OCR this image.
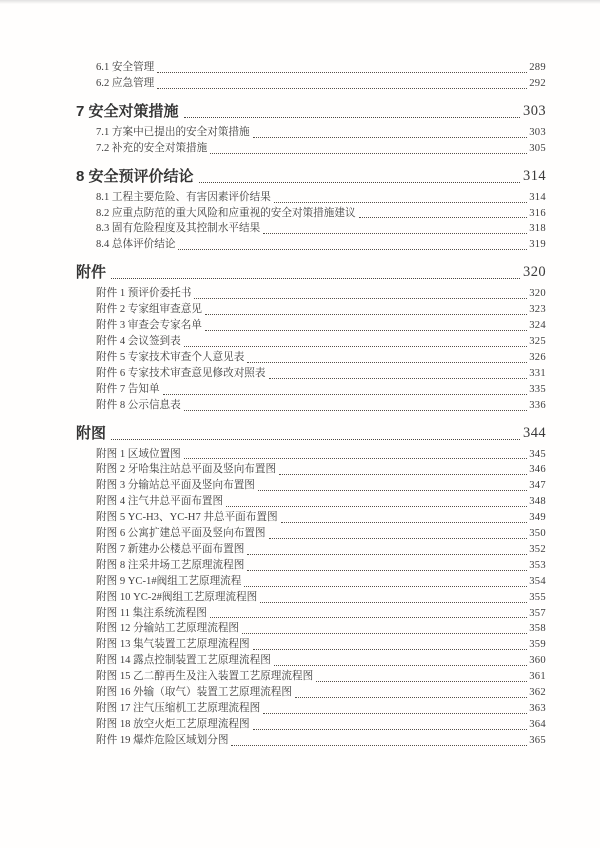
6.1 安全管理	289
6.2 应急管理	292
7 安全对策措施	303
7.1 方案中已提出的安全对策措施	303
7.2 补充的安全对策措施	305
8 安全预评价结论	314
8.1 工程主要危险、有害因素评价结果	314
8.2 应重点防范的重大风险和应重视的安全对策措施建议	316
8.3 固有危险程度及其控制水平结果	318
8.4 总体评价结论	319
附件	320
附件 1 预评价委托书	320
附件 2 专家组审查意见	323
附件 3 审查会专家名单	324
附件 4 会议签到表	325
附件 5 专家技术审查个人意见表	326
附件 6 专家技术审查意见修改对照表	331
附件 7 告知单	335
附件 8 公示信息表	336
附图	344
附图 1 区域位置图	345
附图 2 牙哈集注站总平面及竖向布置图	346
附图 3 分输站总平面及竖向布置图	347
附图 4 注气井总平面布置图	348
附图 5 YC-H3、YC-H7 井总平面布置图	349
附图 6 公寓扩建总平面及竖向布置图	350
附图 7 新建办公楼总平面布置图	352
附图 8 注采井场工艺原理流程图	353
附图 9 YC-1#阀组工艺原理流程	354
附图 10 YC-2#阀组工艺原理流程图	355
附图 11 集注系统流程图	357
附图 12 分输站工艺原理流程图	358
附图 13 集气装置工艺原理流程图	359
附图 14 露点控制装置工艺原理流程图	360
附图 15 乙二醇再生及注入装置工艺原理流程图	361
附图 16 外输（取气）装置工艺原理流程图	362
附图 17 注气压缩机工艺原理流程图	363
附图 18 放空火炬工艺原理流程图	364
附件 19 爆炸危险区域划分图	365
